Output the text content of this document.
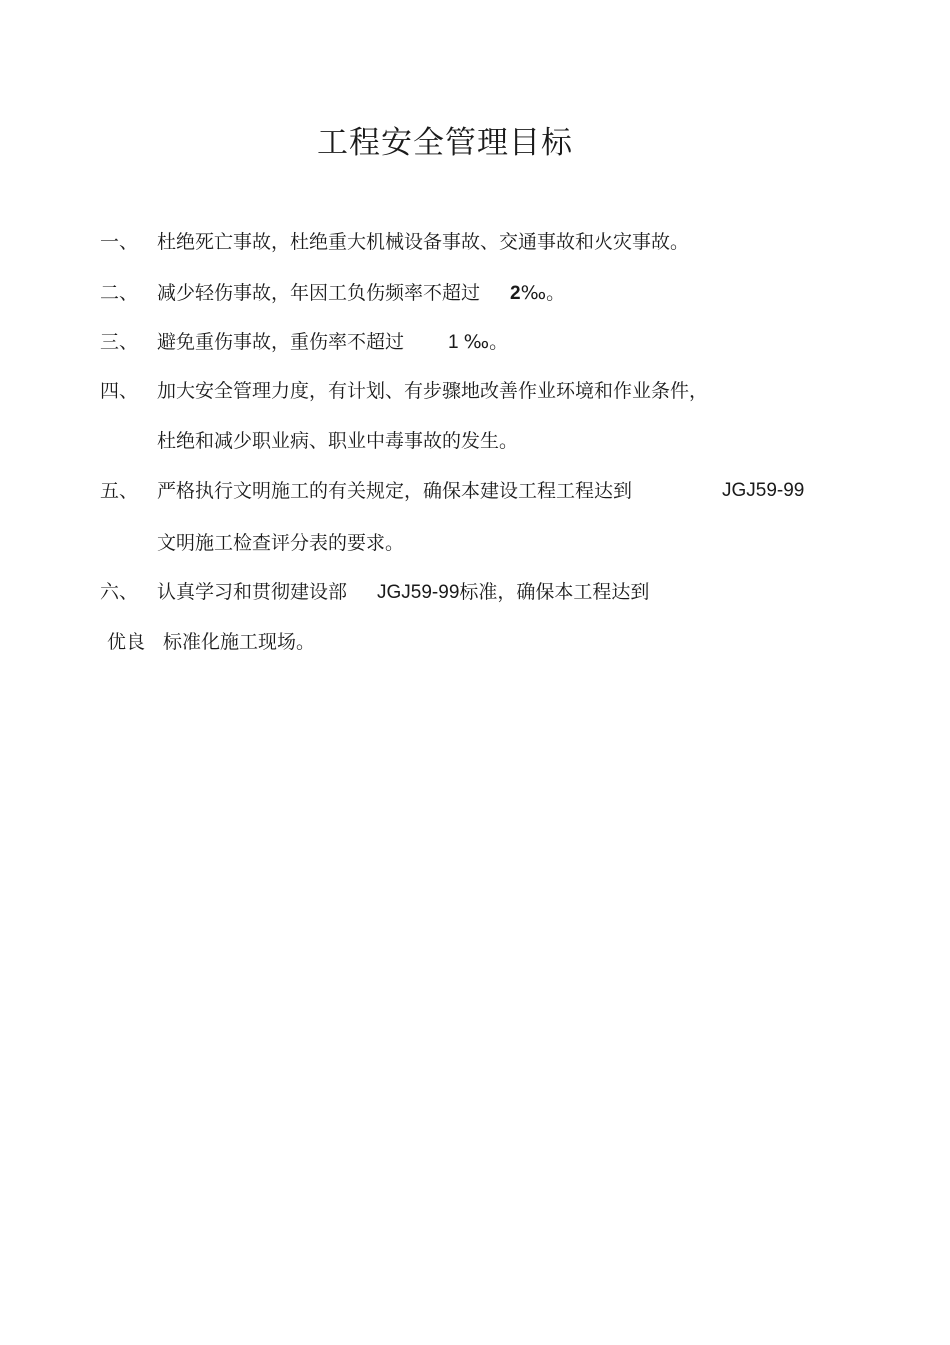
工程安全管理目标
一、 杜绝死亡事故，杜绝重大机械设备事故、交通事故和火灾事故。
二、 减少轻伤事故，年因工负伤频率不超过 2‰。
三、 避免重伤事故，重伤率不超过 1 ‰。
四、 加大安全管理力度，有计划、有步骤地改善作业环境和作业条件，
杜绝和减少职业病、职业中毒事故的发生。
五、 严格执行文明施工的有关规定，确保本建设工程工程达到	JGJ59-99
文明施工检查评分表的要求。
六、 认真学习和贯彻建设部 JGJ59-99标准，确保本工程达到
优良 标准化施工现场。
